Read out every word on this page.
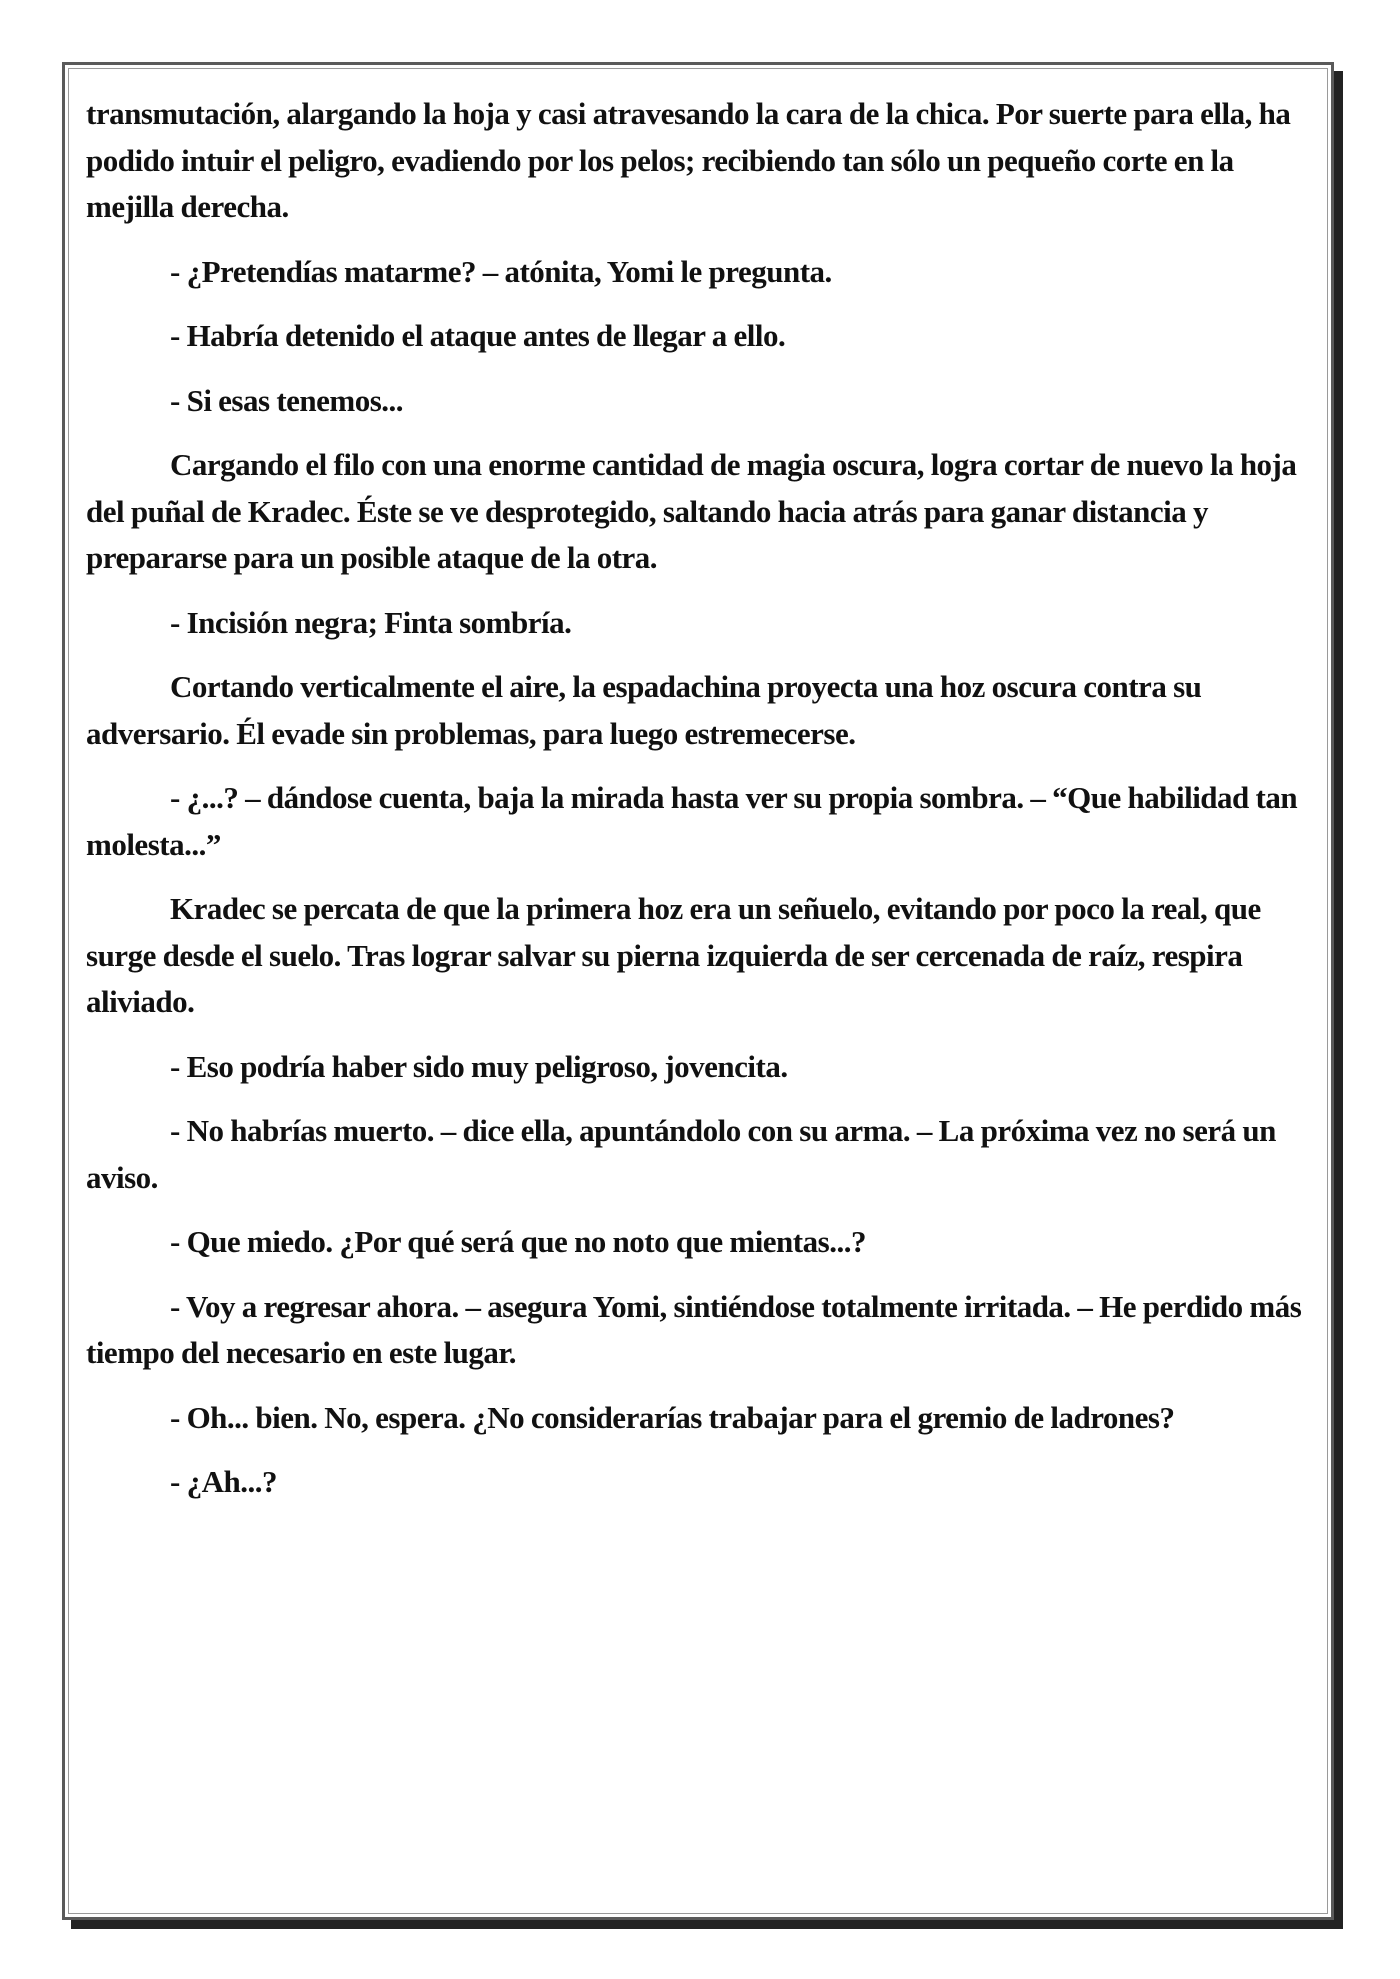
transmutación, alargando la hoja y casi atravesando la cara de la chica. Por suerte para ella, ha podido intuir el peligro, evadiendo por los pelos; recibiendo tan sólo un pequeño corte en la mejilla derecha.

- ¿Pretendías matarme? – atónita, Yomi le pregunta.

- Habría detenido el ataque antes de llegar a ello.

- Si esas tenemos...

Cargando el filo con una enorme cantidad de magia oscura, logra cortar de nuevo la hoja del puñal de Kradec. Éste se ve desprotegido, saltando hacia atrás para ganar distancia y prepararse para un posible ataque de la otra.

- Incisión negra; Finta sombría.

Cortando verticalmente el aire, la espadachina proyecta una hoz oscura contra su adversario. Él evade sin problemas, para luego estremecerse.

- ¿...? – dándose cuenta, baja la mirada hasta ver su propia sombra. – “Que habilidad tan molesta...”

Kradec se percata de que la primera hoz era un señuelo, evitando por poco la real, que surge desde el suelo. Tras lograr salvar su pierna izquierda de ser cercenada de raíz, respira aliviado.

- Eso podría haber sido muy peligroso, jovencita.

- No habrías muerto. – dice ella, apuntándolo con su arma. – La próxima vez no será un aviso.

- Que miedo. ¿Por qué será que no noto que mientas...?

- Voy a regresar ahora. – asegura Yomi, sintiéndose totalmente irritada. – He perdido más tiempo del necesario en este lugar.

- Oh... bien. No, espera. ¿No considerarías trabajar para el gremio de ladrones?

- ¿Ah...?
